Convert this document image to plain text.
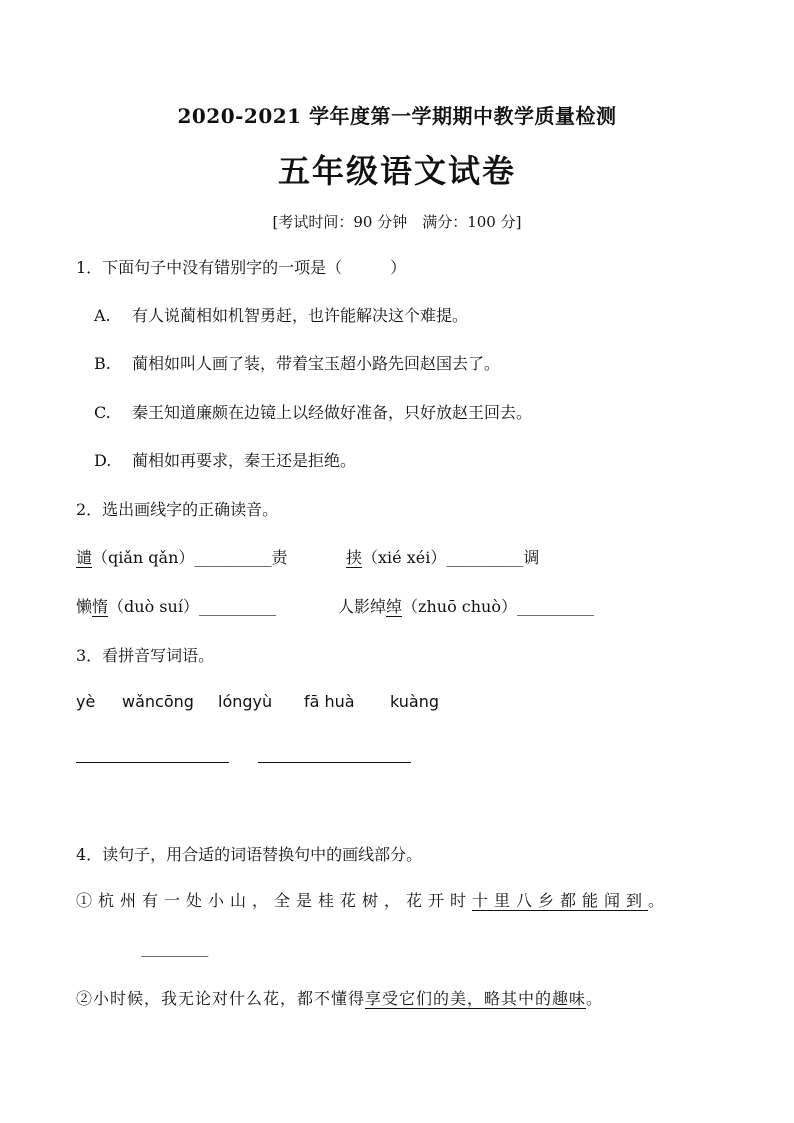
2020-2021 学年度第一学期期中教学质量检测
五年级语文试卷
[考试时间：90 分钟　满分：100 分]
1．下面句子中没有错别字的一项是（　　　）
A. 有人说蔺相如机智勇赶，也许能解决这个难提。
B. 蔺相如叫人画了装，带着宝玉超小路先回赵国去了。
C. 秦王知道廉颇在边镜上以经做好准备，只好放赵王回去。
D. 蔺相如再要求，秦王还是拒绝。
2．选出画线字的正确读音。
谴（qiǎn qǎn）________责	挟（xié xéi）________调
懒惰（duò suí）________	人影绰绰（zhuō chuò）________
3．看拼音写词语。
yè wǎncōng lóngyù fā huà kuàng
4．读句子，用合适的词语替换句中的画线部分。
①杭州有一处小山，全是桂花树，花开时十里八乡都能闻到。
_______
②小时候，我无论对什么花，都不懂得享受它们的美，略其中的趣味。
